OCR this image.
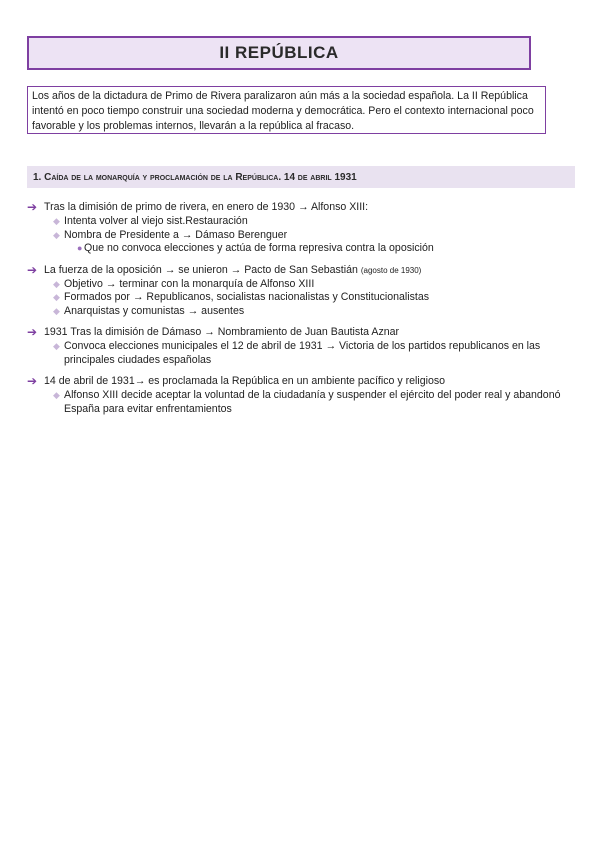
II REPÚBLICA
Los años de la dictadura de Primo de Rivera paralizaron aún más a la sociedad española. La II República intentó en poco tiempo construir una sociedad moderna y democrática. Pero el contexto internacional poco favorable y los problemas internos, llevarán a la república al fracaso.
1. Caída de la monarquía y proclamación de la República. 14 de abril 1931
➔ Tras la dimisión de primo de rivera, en enero de 1930 → Alfonso XIII:
◆ Intenta volver al viejo sist.Restauración
◆ Nombra de Presidente a → Dámaso Berenguer
● Que no convoca elecciones y actúa de forma represiva contra la oposición
➔ La fuerza de la oposición → se unieron → Pacto de San Sebastián (agosto de 1930)
◆ Objetivo → terminar con la monarquía de Alfonso XIII
◆ Formados por → Republicanos, socialistas nacionalistas y Constitucionalistas
◆ Anarquistas y comunistas → ausentes
➔ 1931 Tras la dimisión de Dámaso → Nombramiento de Juan Bautista Aznar
◆ Convoca elecciones municipales el 12 de abril de 1931 → Victoria de los partidos republicanos en las principales ciudades españolas
➔ 14 de abril de 1931→ es proclamada la República en un ambiente pacífico y religioso
◆ Alfonso XIII decide aceptar la voluntad de la ciudadanía y suspender el ejército del poder real y abandonó España para evitar enfrentamientos
